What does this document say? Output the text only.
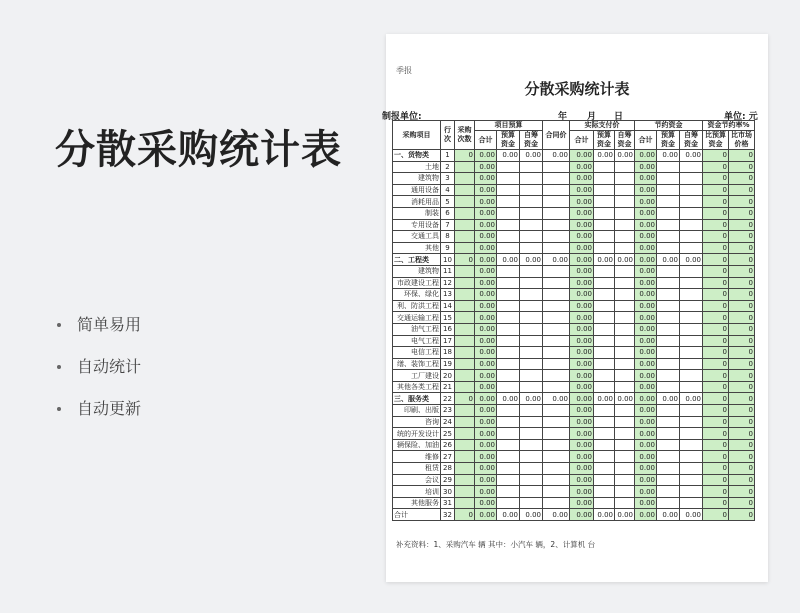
分散采购统计表
简单易用
自动统计
自动更新
季报
分散采购统计表
制报单位:	年 月 日	单位: 元
采购项目	行次	采购次数	项目预算			合同价	实际支付价			节约资金			资金节约率%	
			合计	预算资金	自筹资金		合计	预算资金	自筹资金	合计	预算资金	自筹资金	比预算资金	比市场价格
一、货物类	1	0	0.00	0.00	0.00	0.00	0.00	0.00	0.00	0.00	0.00	0.00	0	0
土地	2		0.00				0.00			0.00			0	0
建筑物	3		0.00				0.00			0.00			0	0
通用设备	4		0.00				0.00			0.00			0	0
消耗用品	5		0.00				0.00			0.00			0	0
制装	6		0.00				0.00			0.00			0	0
专用设备	7		0.00				0.00			0.00			0	0
交通工具	8		0.00				0.00			0.00			0	0
其他	9		0.00				0.00			0.00			0	0
二、工程类	10	0	0.00	0.00	0.00	0.00	0.00	0.00	0.00	0.00	0.00	0.00	0	0
建筑物	11		0.00				0.00			0.00			0	0
市政建设工程	12		0.00				0.00			0.00			0	0
环保、绿化	13		0.00				0.00			0.00			0	0
利、防洪工程	14		0.00				0.00			0.00			0	0
交通运输工程	15		0.00				0.00			0.00			0	0
油气工程	16		0.00				0.00			0.00			0	0
电气工程	17		0.00				0.00			0.00			0	0
电信工程	18		0.00				0.00			0.00			0	0
缮、装饰工程	19		0.00				0.00			0.00			0	0
工厂建设	20		0.00				0.00			0.00			0	0
其他各类工程	21		0.00				0.00			0.00			0	0
三、服务类	22	0	0.00	0.00	0.00	0.00	0.00	0.00	0.00	0.00	0.00	0.00	0	0
印刷、出版	23		0.00				0.00			0.00			0	0
咨询	24		0.00				0.00			0.00			0	0
统的开发设计	25		0.00				0.00			0.00			0	0
辆保险、加油	26		0.00				0.00			0.00			0	0
维修	27		0.00				0.00			0.00			0	0
租赁	28		0.00				0.00			0.00			0	0
会议	29		0.00				0.00			0.00			0	0
培训	30		0.00				0.00			0.00			0	0
其他服务	31		0.00				0.00			0.00			0	0
合计	32	0	0.00	0.00	0.00	0.00	0.00	0.00	0.00	0.00	0.00	0.00	0	0
补充资料：1、采购汽车 辆 其中：小汽车 辆，2、计算机 台
